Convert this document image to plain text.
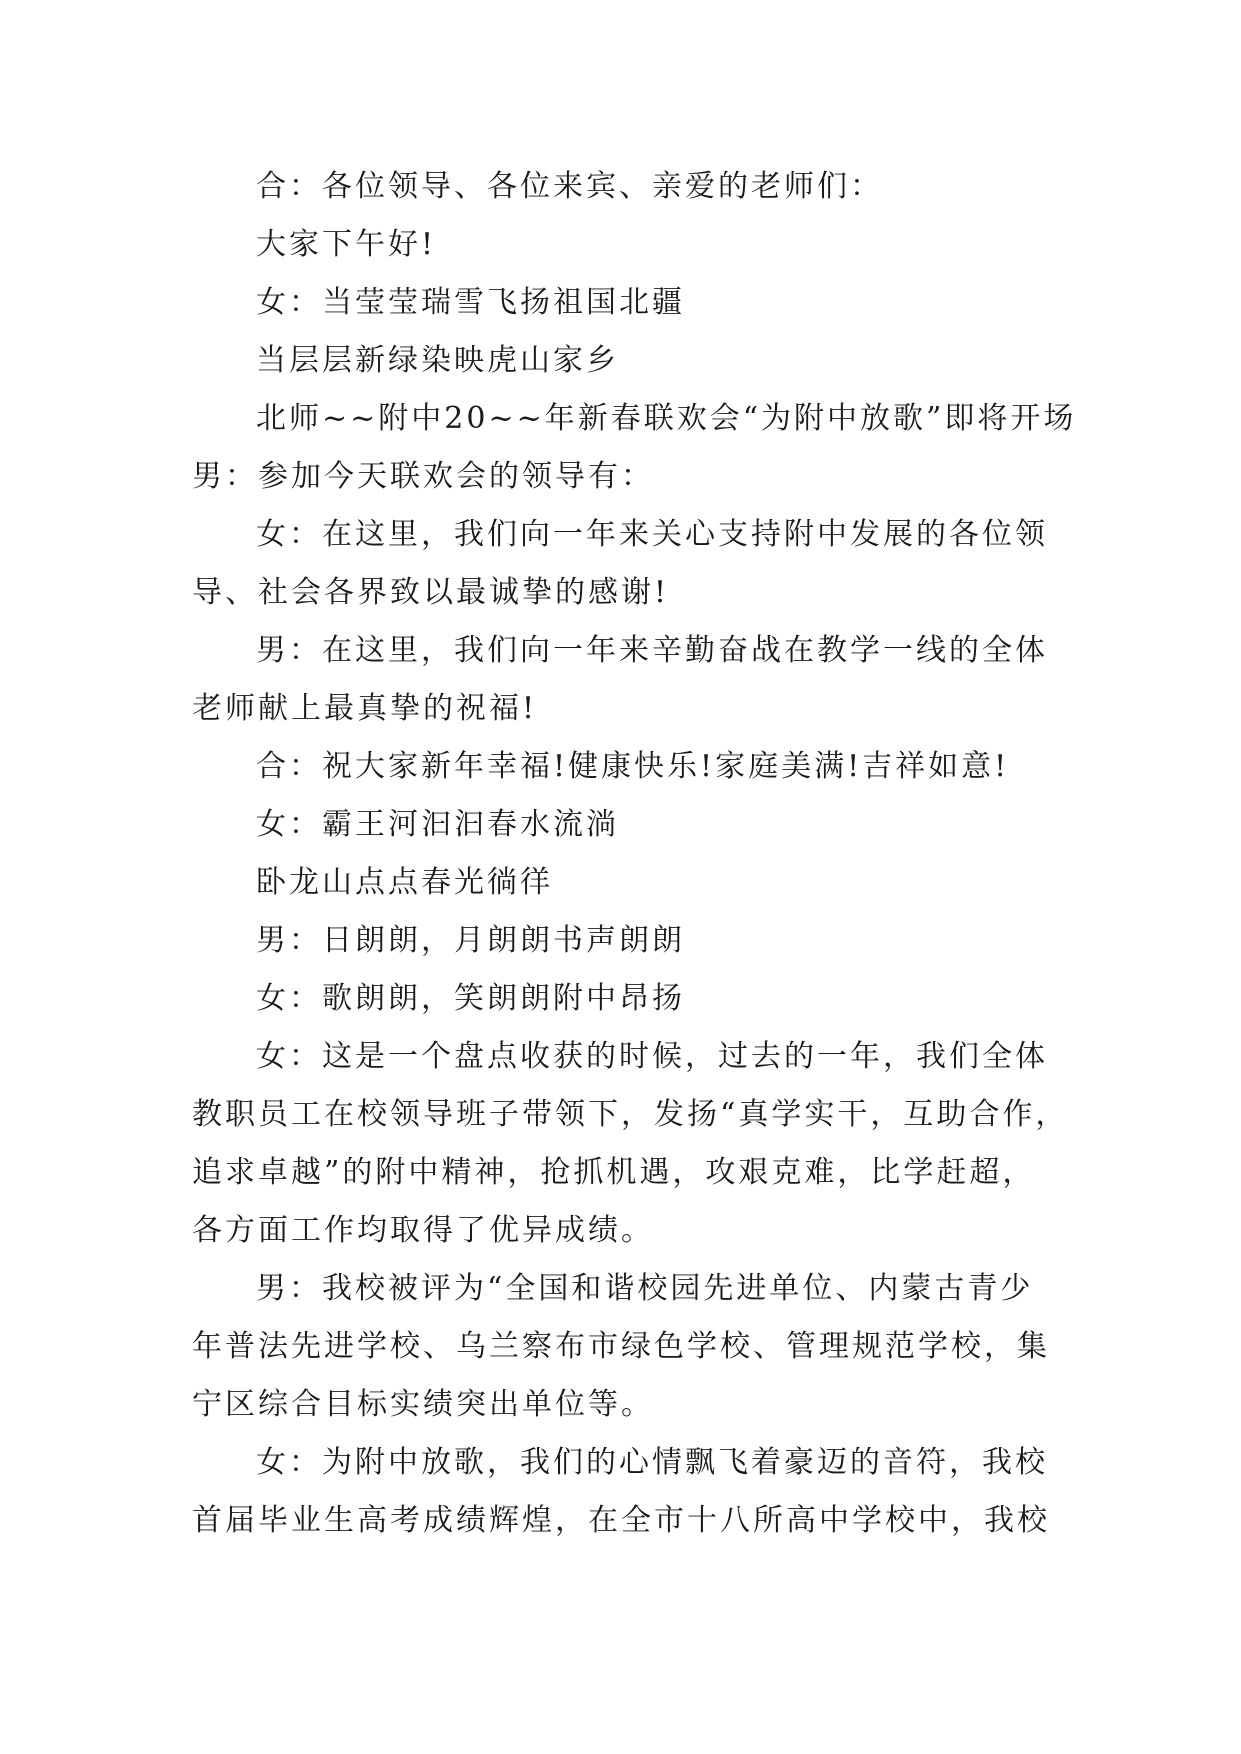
合：各位领导、各位来宾、亲爱的老师们：
大家下午好!
女：当莹莹瑞雪飞扬祖国北疆
当层层新绿染映虎山家乡
北师~~附中20~~年新春联欢会“为附中放歌”即将开场
男：参加今天联欢会的领导有：
女：在这里，我们向一年来关心支持附中发展的各位领
导、社会各界致以最诚挚的感谢!
男：在这里，我们向一年来辛勤奋战在教学一线的全体
老师献上最真挚的祝福!
合：祝大家新年幸福!健康快乐!家庭美满!吉祥如意!
女：霸王河汩汩春水流淌
卧龙山点点春光徜徉
男：日朗朗，月朗朗书声朗朗
女：歌朗朗，笑朗朗附中昂扬
女：这是一个盘点收获的时候，过去的一年，我们全体
教职员工在校领导班子带领下，发扬“真学实干，互助合作，
追求卓越”的附中精神，抢抓机遇，攻艰克难，比学赶超，
各方面工作均取得了优异成绩。
男：我校被评为“全国和谐校园先进单位、内蒙古青少
年普法先进学校、乌兰察布市绿色学校、管理规范学校，集
宁区综合目标实绩突出单位等。
女：为附中放歌，我们的心情飘飞着豪迈的音符，我校
首届毕业生高考成绩辉煌，在全市十八所高中学校中，我校
